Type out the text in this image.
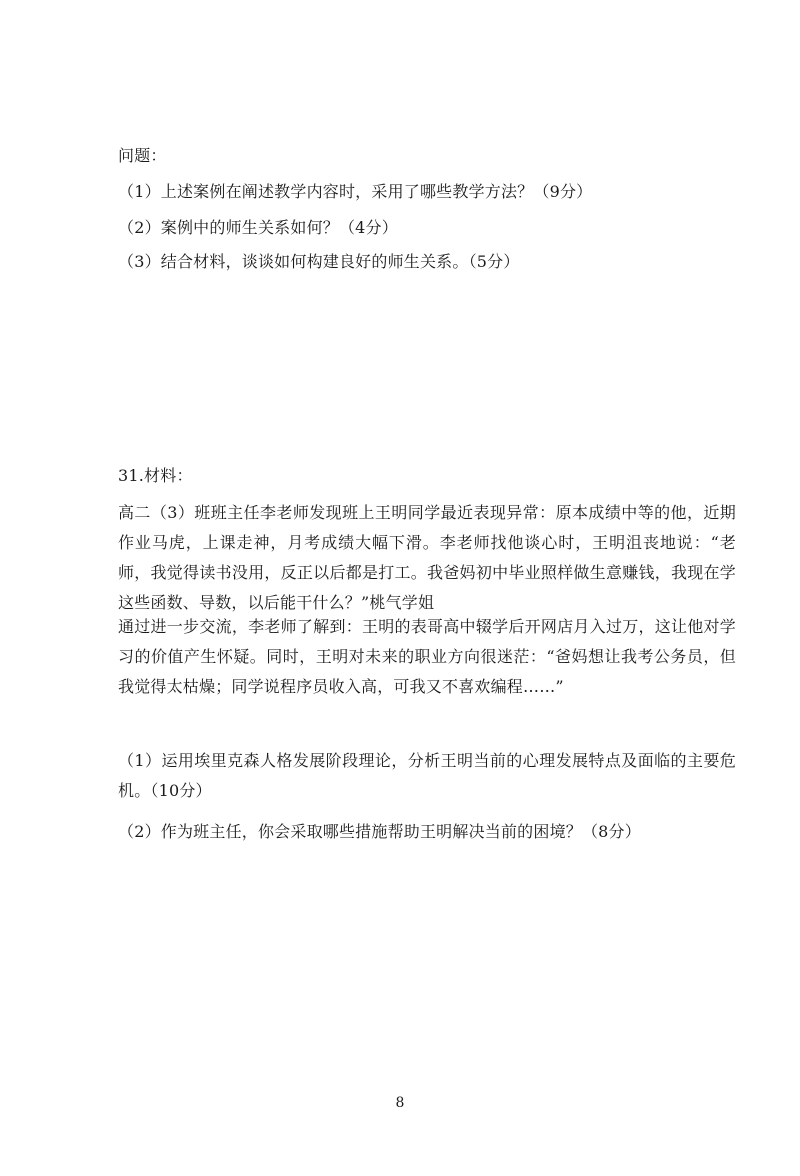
问题：
（1）上述案例在阐述教学内容时，采用了哪些教学方法？（9分）
（2）案例中的师生关系如何？（4分）
（3）结合材料，谈谈如何构建良好的师生关系。（5分）
31.材料：
高二（3）班班主任李老师发现班上王明同学最近表现异常：原本成绩中等的他，近期作业马虎，上课走神，月考成绩大幅下滑。李老师找他谈心时，王明沮丧地说：“老师，我觉得读书没用，反正以后都是打工。我爸妈初中毕业照样做生意赚钱，我现在学这些函数、导数，以后能干什么？”桃气学姐
通过进一步交流，李老师了解到：王明的表哥高中辍学后开网店月入过万，这让他对学习的价值产生怀疑。同时，王明对未来的职业方向很迷茫：“爸妈想让我考公务员，但我觉得太枯燥；同学说程序员收入高，可我又不喜欢编程……”
（1）运用埃里克森人格发展阶段理论，分析王明当前的心理发展特点及面临的主要危机。（10分）
（2）作为班主任，你会采取哪些措施帮助王明解决当前的困境？（8分）
8
